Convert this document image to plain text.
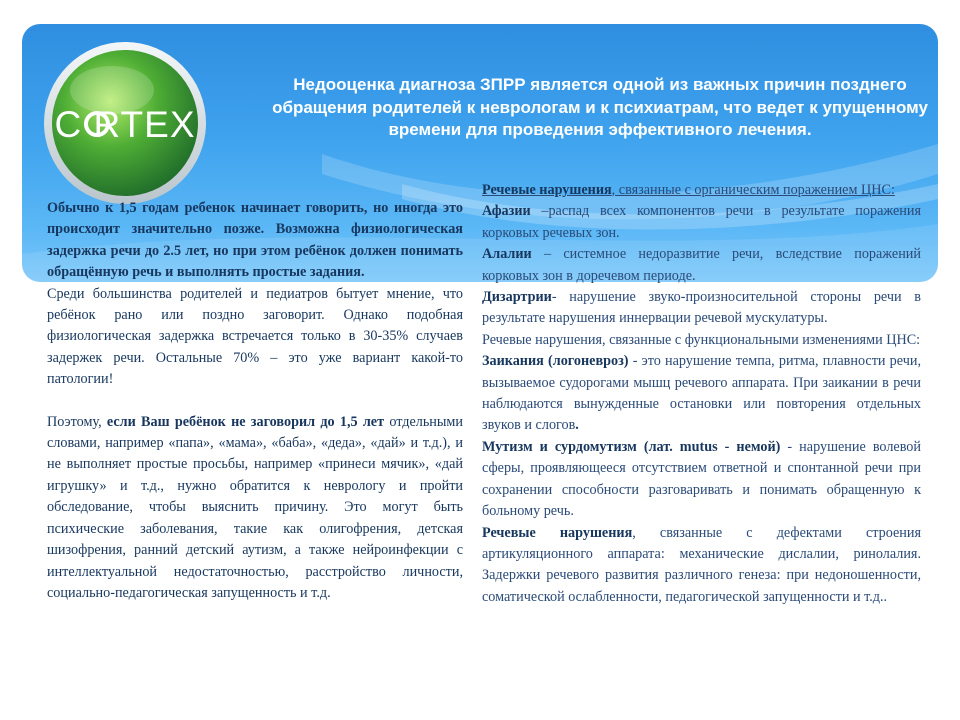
C RTEX
Недооценка диагноза ЗПРР является одной из важных причин позднего обращения родителей к неврологам и к психиатрам, что ведет к упущенному времени для проведения эффективного лечения.

Обычно к 1,5 годам ребенок начинает говорить, но иногда это происходит значительно позже. Возможна физиологическая задержка речи до 2.5 лет, но при этом ребёнок должен понимать обращённую речь и выполнять простые задания.

Среди большинства родителей и педиатров бытует мнение, что ребёнок рано или поздно заговорит. Однако подобная физиологическая задержка встречается только в 30-35% случаев задержек речи. Остальные 70% – это уже вариант какой-то патологии!

Поэтому, если Ваш ребёнок не заговорил до 1,5 лет отдельными словами, например «папа», «мама», «баба», «деда», «дай» и т.д.), и не выполняет простые просьбы, например «принеси мячик», «дай игрушку» и т.д., нужно обратится к неврологу и пройти обследование, чтобы выяснить причину. Это могут быть психические заболевания, такие как олигофрения, детская шизофрения, ранний детский аутизм, а также нейроинфекции с интеллектуальной недостаточностью, расстройство личности, социально-педагогическая запущенность и т.д.

Речевые нарушения, связанные с органическим поражением ЦНС:

Афазии –распад всех компонентов речи в результате поражения корковых речевых зон.

Алалии – системное недоразвитие речи, вследствие поражений корковых зон в доречевом периоде.

Дизартрии- нарушение звуко-произносительной стороны речи в результате нарушения иннервации речевой мускулатуры.

Речевые нарушения, связанные с функциональными изменениями ЦНС:

Заикания (логоневроз) - это нарушение темпа, ритма, плавности речи, вызываемое судорогами мышц речевого аппарата. При заикании в речи наблюдаются вынужденные остановки или повторения отдельных звуков и слогов.

Мутизм и сурдомутизм (лат. mutus - немой) - нарушение волевой сферы, проявляющееся отсутствием ответной и спонтанной речи при сохранении способности разговаривать и понимать обращенную к больному речь.

Речевые нарушения, связанные с дефектами строения артикуляционного аппарата: механические дислалии, ринолалия. Задержки речевого развития различного генеза: при недоношенности, соматической ослабленности, педагогической запущенности и т.д..
